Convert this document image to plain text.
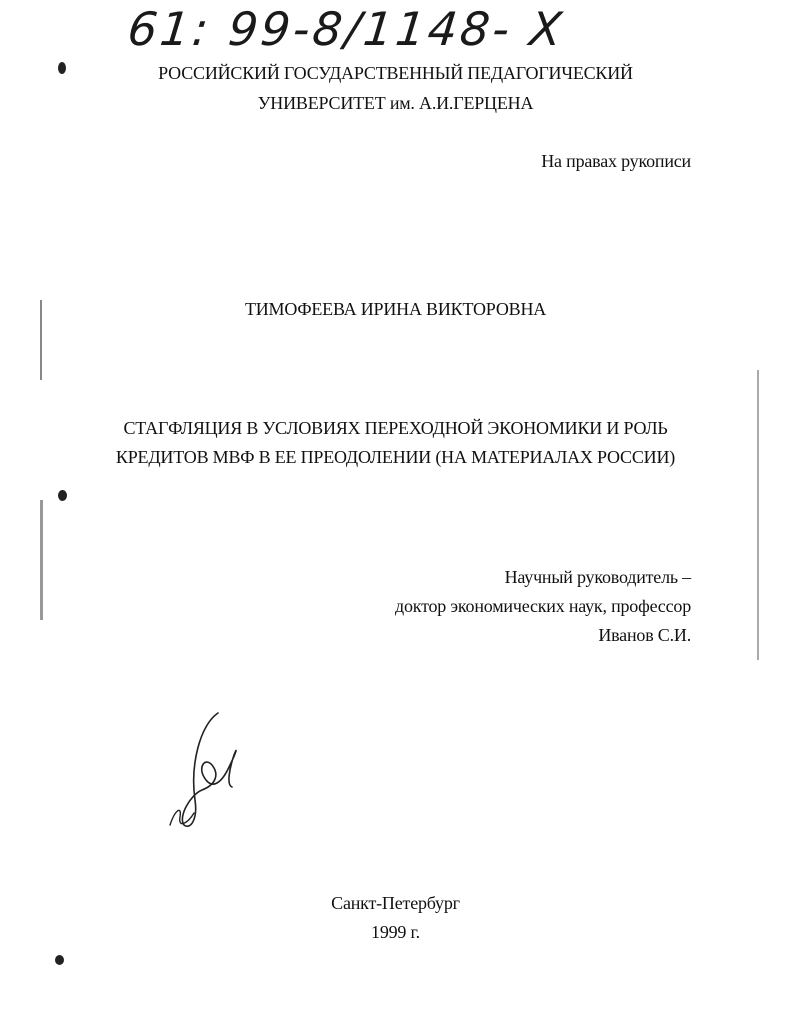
61: 99-8/1148- Х
РОССИЙСКИЙ ГОСУДАРСТВЕННЫЙ ПЕДАГОГИЧЕСКИЙ
УНИВЕРСИТЕТ им. А.И.ГЕРЦЕНА
На правах рукописи
ТИМОФЕЕВА ИРИНА ВИКТОРОВНА
СТАГФЛЯЦИЯ В УСЛОВИЯХ ПЕРЕХОДНОЙ ЭКОНОМИКИ И РОЛЬ
КРЕДИТОВ МВФ В ЕЕ ПРЕОДОЛЕНИИ (НА МАТЕРИАЛАХ РОССИИ)
Научный руководитель –
доктор экономических наук, профессор
Иванов С.И.
Санкт-Петербург
1999 г.
